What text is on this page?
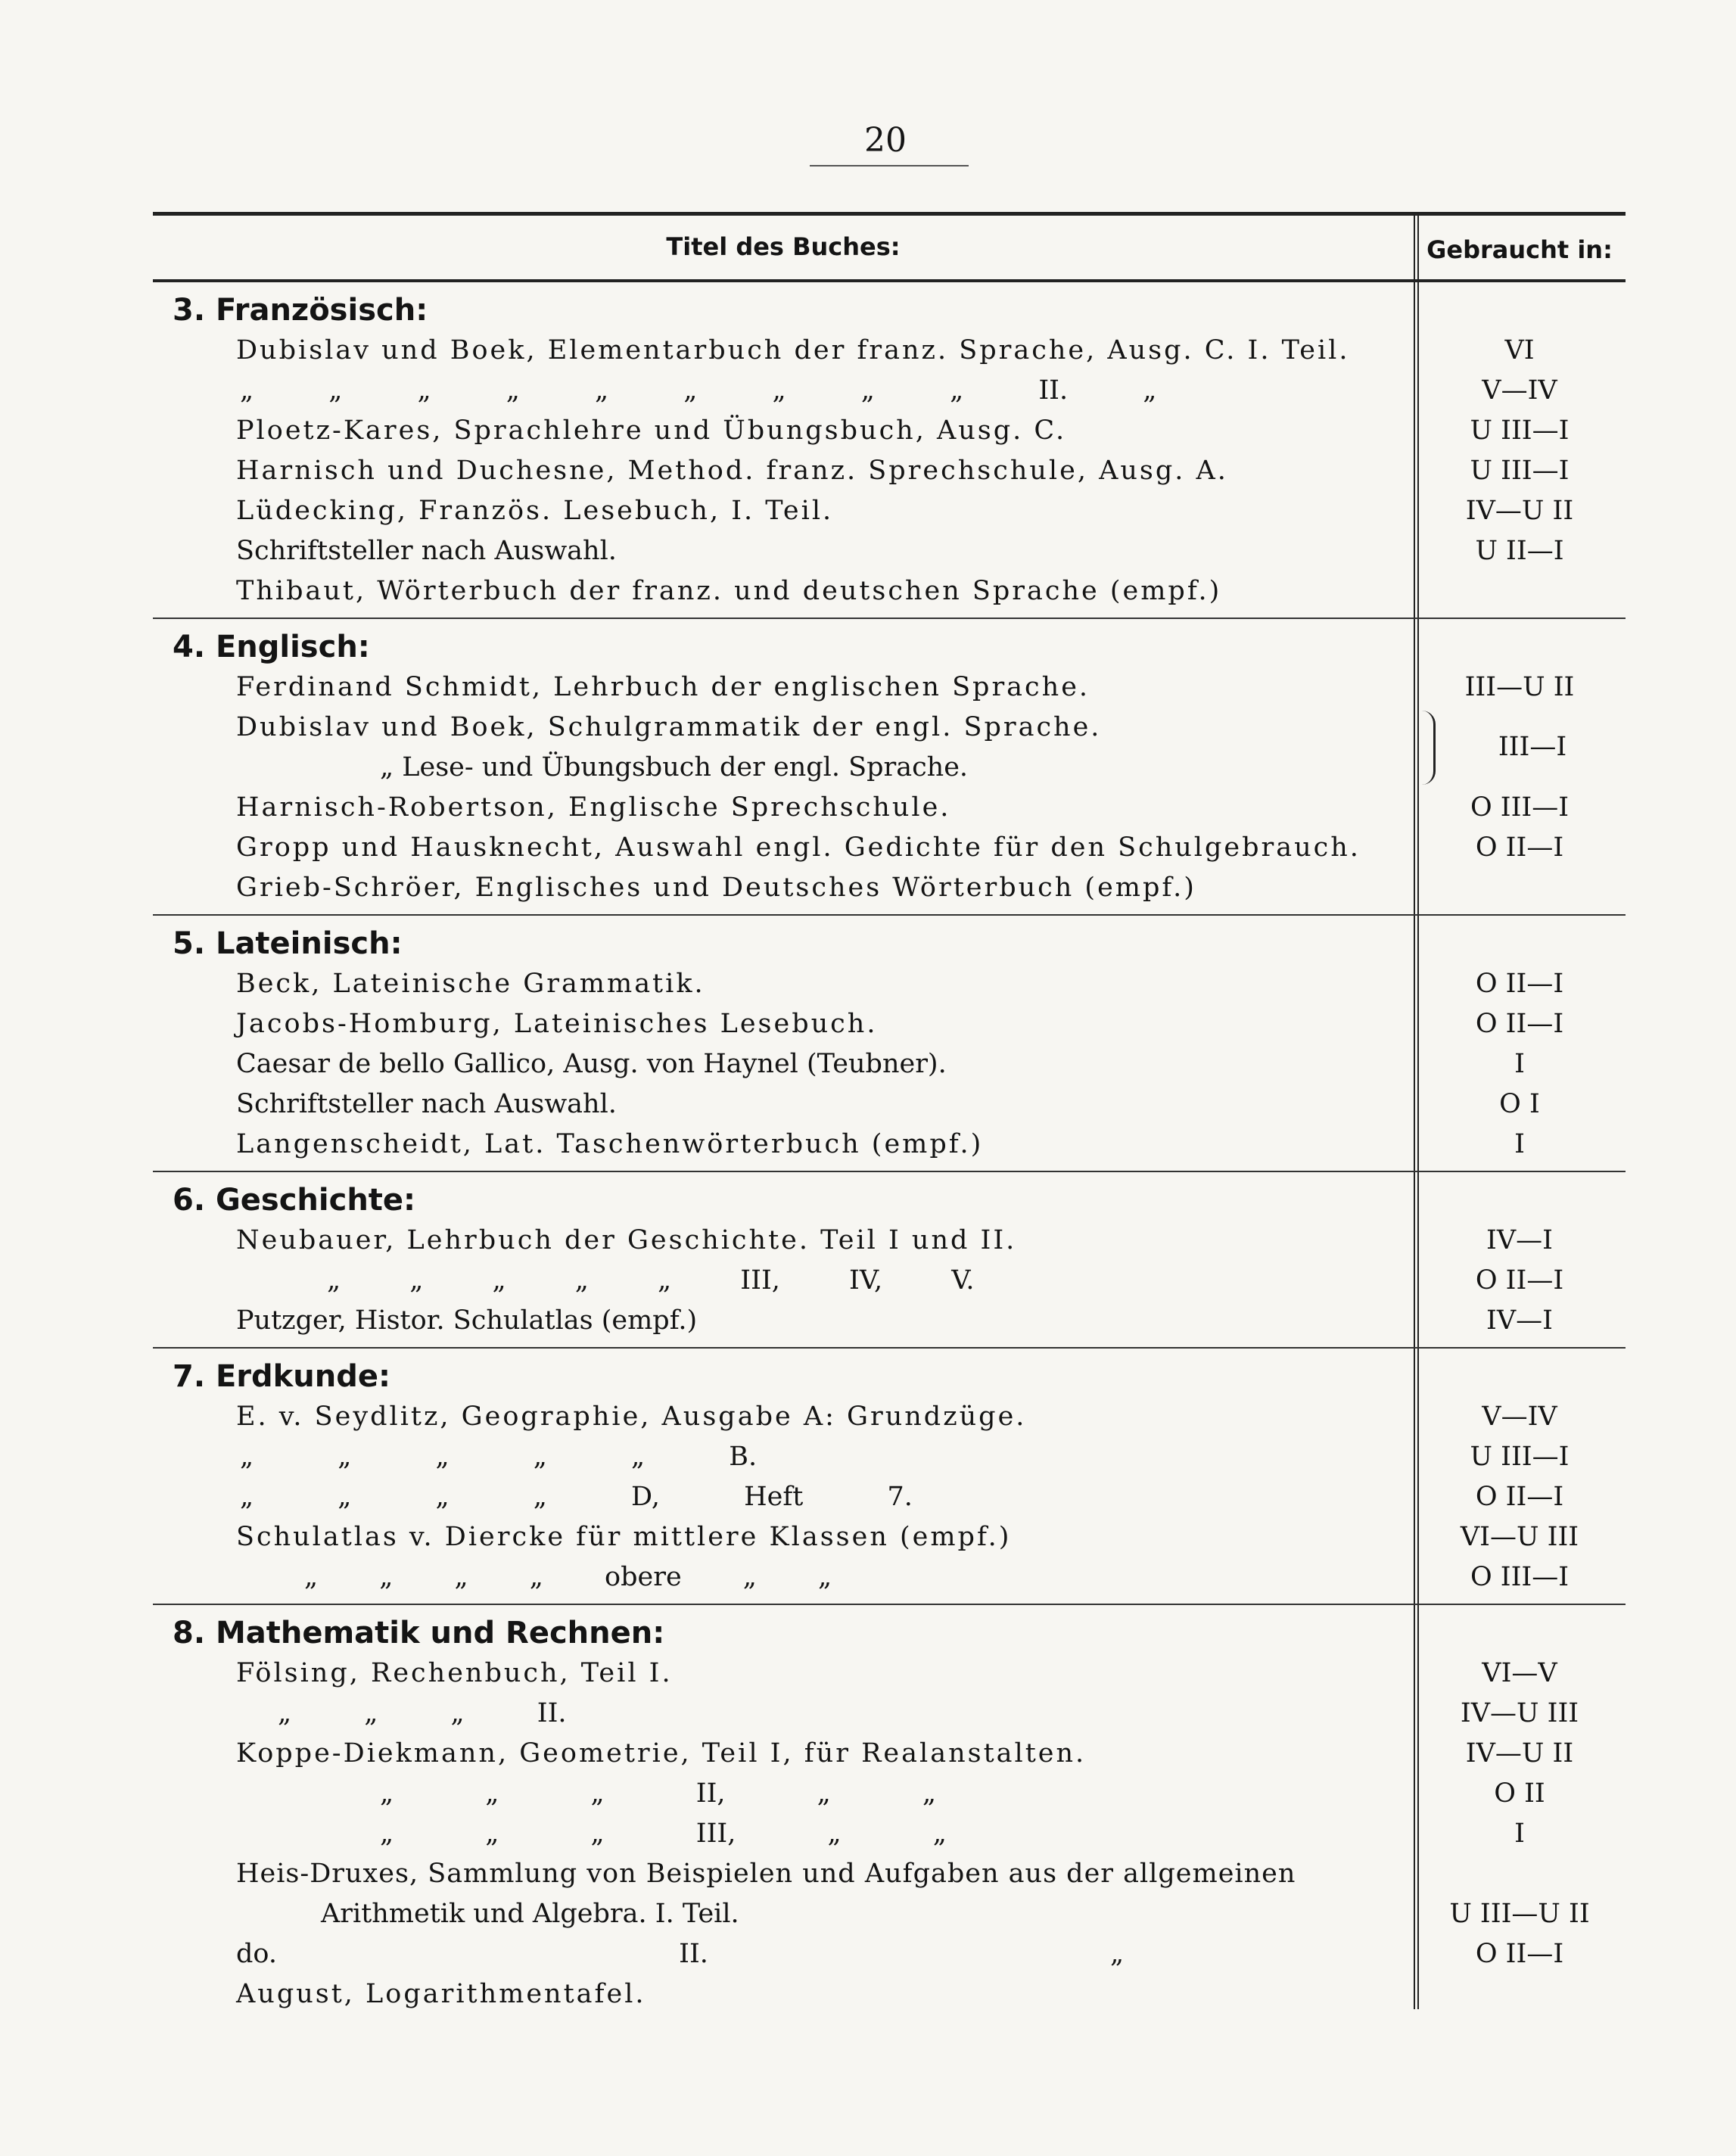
20
Titel des Buches:	Gebraucht in:
3. Französisch:
Dubislav und Boek, Elementarbuch der franz. Sprache, Ausg. C. I. Teil.	VI
„ „ „ „ „ „ „ „ „ II. „	V—IV
Ploetz-Kares, Sprachlehre und Übungsbuch, Ausg. C.	U III—I
Harnisch und Duchesne, Method. franz. Sprechschule, Ausg. A.	U III—I
Lüdecking, Französ. Lesebuch, I. Teil.	IV—U II
Schriftsteller nach Auswahl.	U II—I
Thibaut, Wörterbuch der franz. und deutschen Sprache (empf.)
4. Englisch:
Ferdinand Schmidt, Lehrbuch der englischen Sprache.	III—U II
Dubislav und Boek, Schulgrammatik der engl. Sprache.
„ Lese- und Übungsbuch der engl. Sprache.
III—I
Harnisch-Robertson, Englische Sprechschule.	O III—I
Gropp und Hausknecht, Auswahl engl. Gedichte für den Schulgebrauch.	O II—I
Grieb-Schröer, Englisches und Deutsches Wörterbuch (empf.)
5. Lateinisch:
Beck, Lateinische Grammatik.	O II—I
Jacobs-Homburg, Lateinisches Lesebuch.	O II—I
Caesar de bello Gallico, Ausg. von Haynel (Teubner).	I
Schriftsteller nach Auswahl.	O I
Langenscheidt, Lat. Taschenwörterbuch (empf.)	I
6. Geschichte:
Neubauer, Lehrbuch der Geschichte. Teil I und II.	IV—I
„ „ „ „ „ III, IV, V.	O II—I
Putzger, Histor. Schulatlas (empf.)	IV—I
7. Erdkunde:
E. v. Seydlitz, Geographie, Ausgabe A: Grundzüge.	V—IV
„ „ „ „ „ B.	U III—I
„ „ „ „ D, Heft 7.	O II—I
Schulatlas v. Diercke für mittlere Klassen (empf.)	VI—U III
„ „ „ „ obere „ „	O III—I
8. Mathematik und Rechnen:
Fölsing, Rechenbuch, Teil I.	VI—V
„ „ „ II.	IV—U III
Koppe-Diekmann, Geometrie, Teil I, für Realanstalten.	IV—U II
„ „ „ II, „ „	O II
„ „ „ III, „ „	I
Heis-Druxes, Sammlung von Beispielen und Aufgaben aus der allgemeinen
Arithmetik und Algebra. I. Teil.	U III—U II
do. II. „	O II—I
August, Logarithmentafel.
